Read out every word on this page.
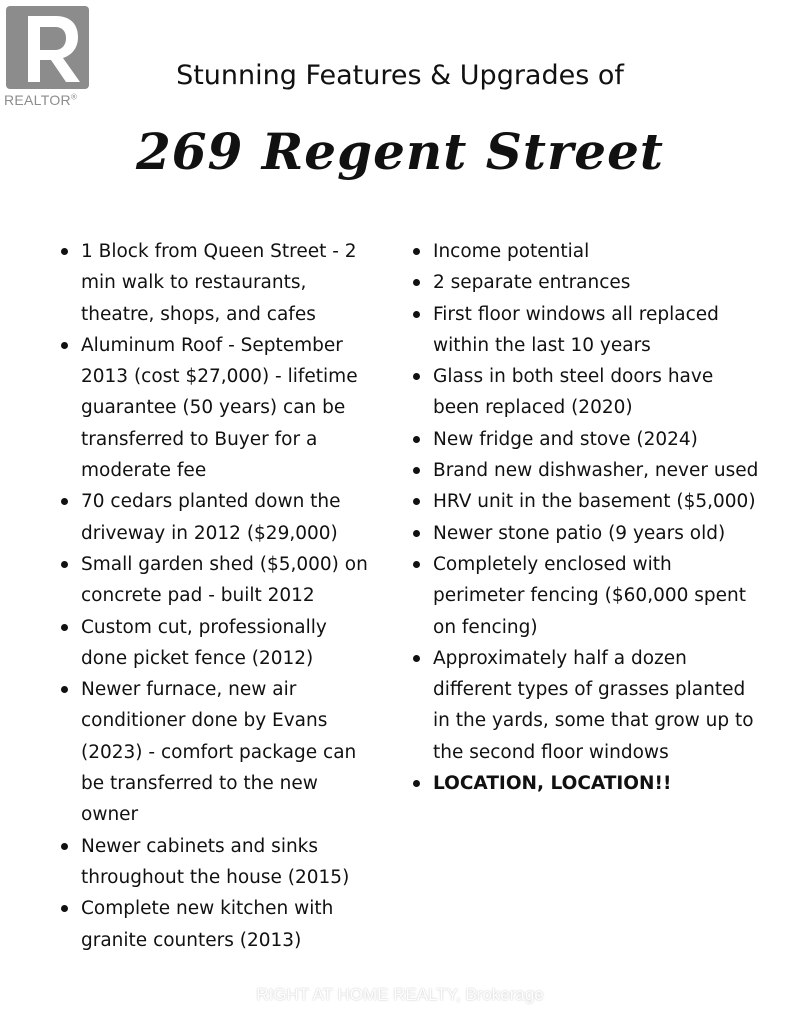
REALTOR®
Stunning Features & Upgrades of
269 Regent Street
1 Block from Queen Street - 2 min walk to restaurants, theatre, shops, and cafes
Aluminum Roof - September 2013 (cost $27,000) - lifetime guarantee (50 years) can be transferred to Buyer for a moderate fee
70 cedars planted down the driveway in 2012 ($29,000)
Small garden shed ($5,000) on concrete pad - built 2012
Custom cut, professionally done picket fence (2012)
Newer furnace, new air conditioner done by Evans (2023) - comfort package can be transferred to the new owner
Newer cabinets and sinks throughout the house (2015)
Complete new kitchen with granite counters (2013)
Income potential
2 separate entrances
First floor windows all replaced within the last 10 years
Glass in both steel doors have been replaced (2020)
New fridge and stove (2024)
Brand new dishwasher, never used
HRV unit in the basement ($5,000)
Newer stone patio (9 years old)
Completely enclosed with perimeter fencing ($60,000 spent on fencing)
Approximately half a dozen different types of grasses planted in the yards, some that grow up to the second floor windows
LOCATION, LOCATION!!
RIGHT AT HOME REALTY, Brokerage
